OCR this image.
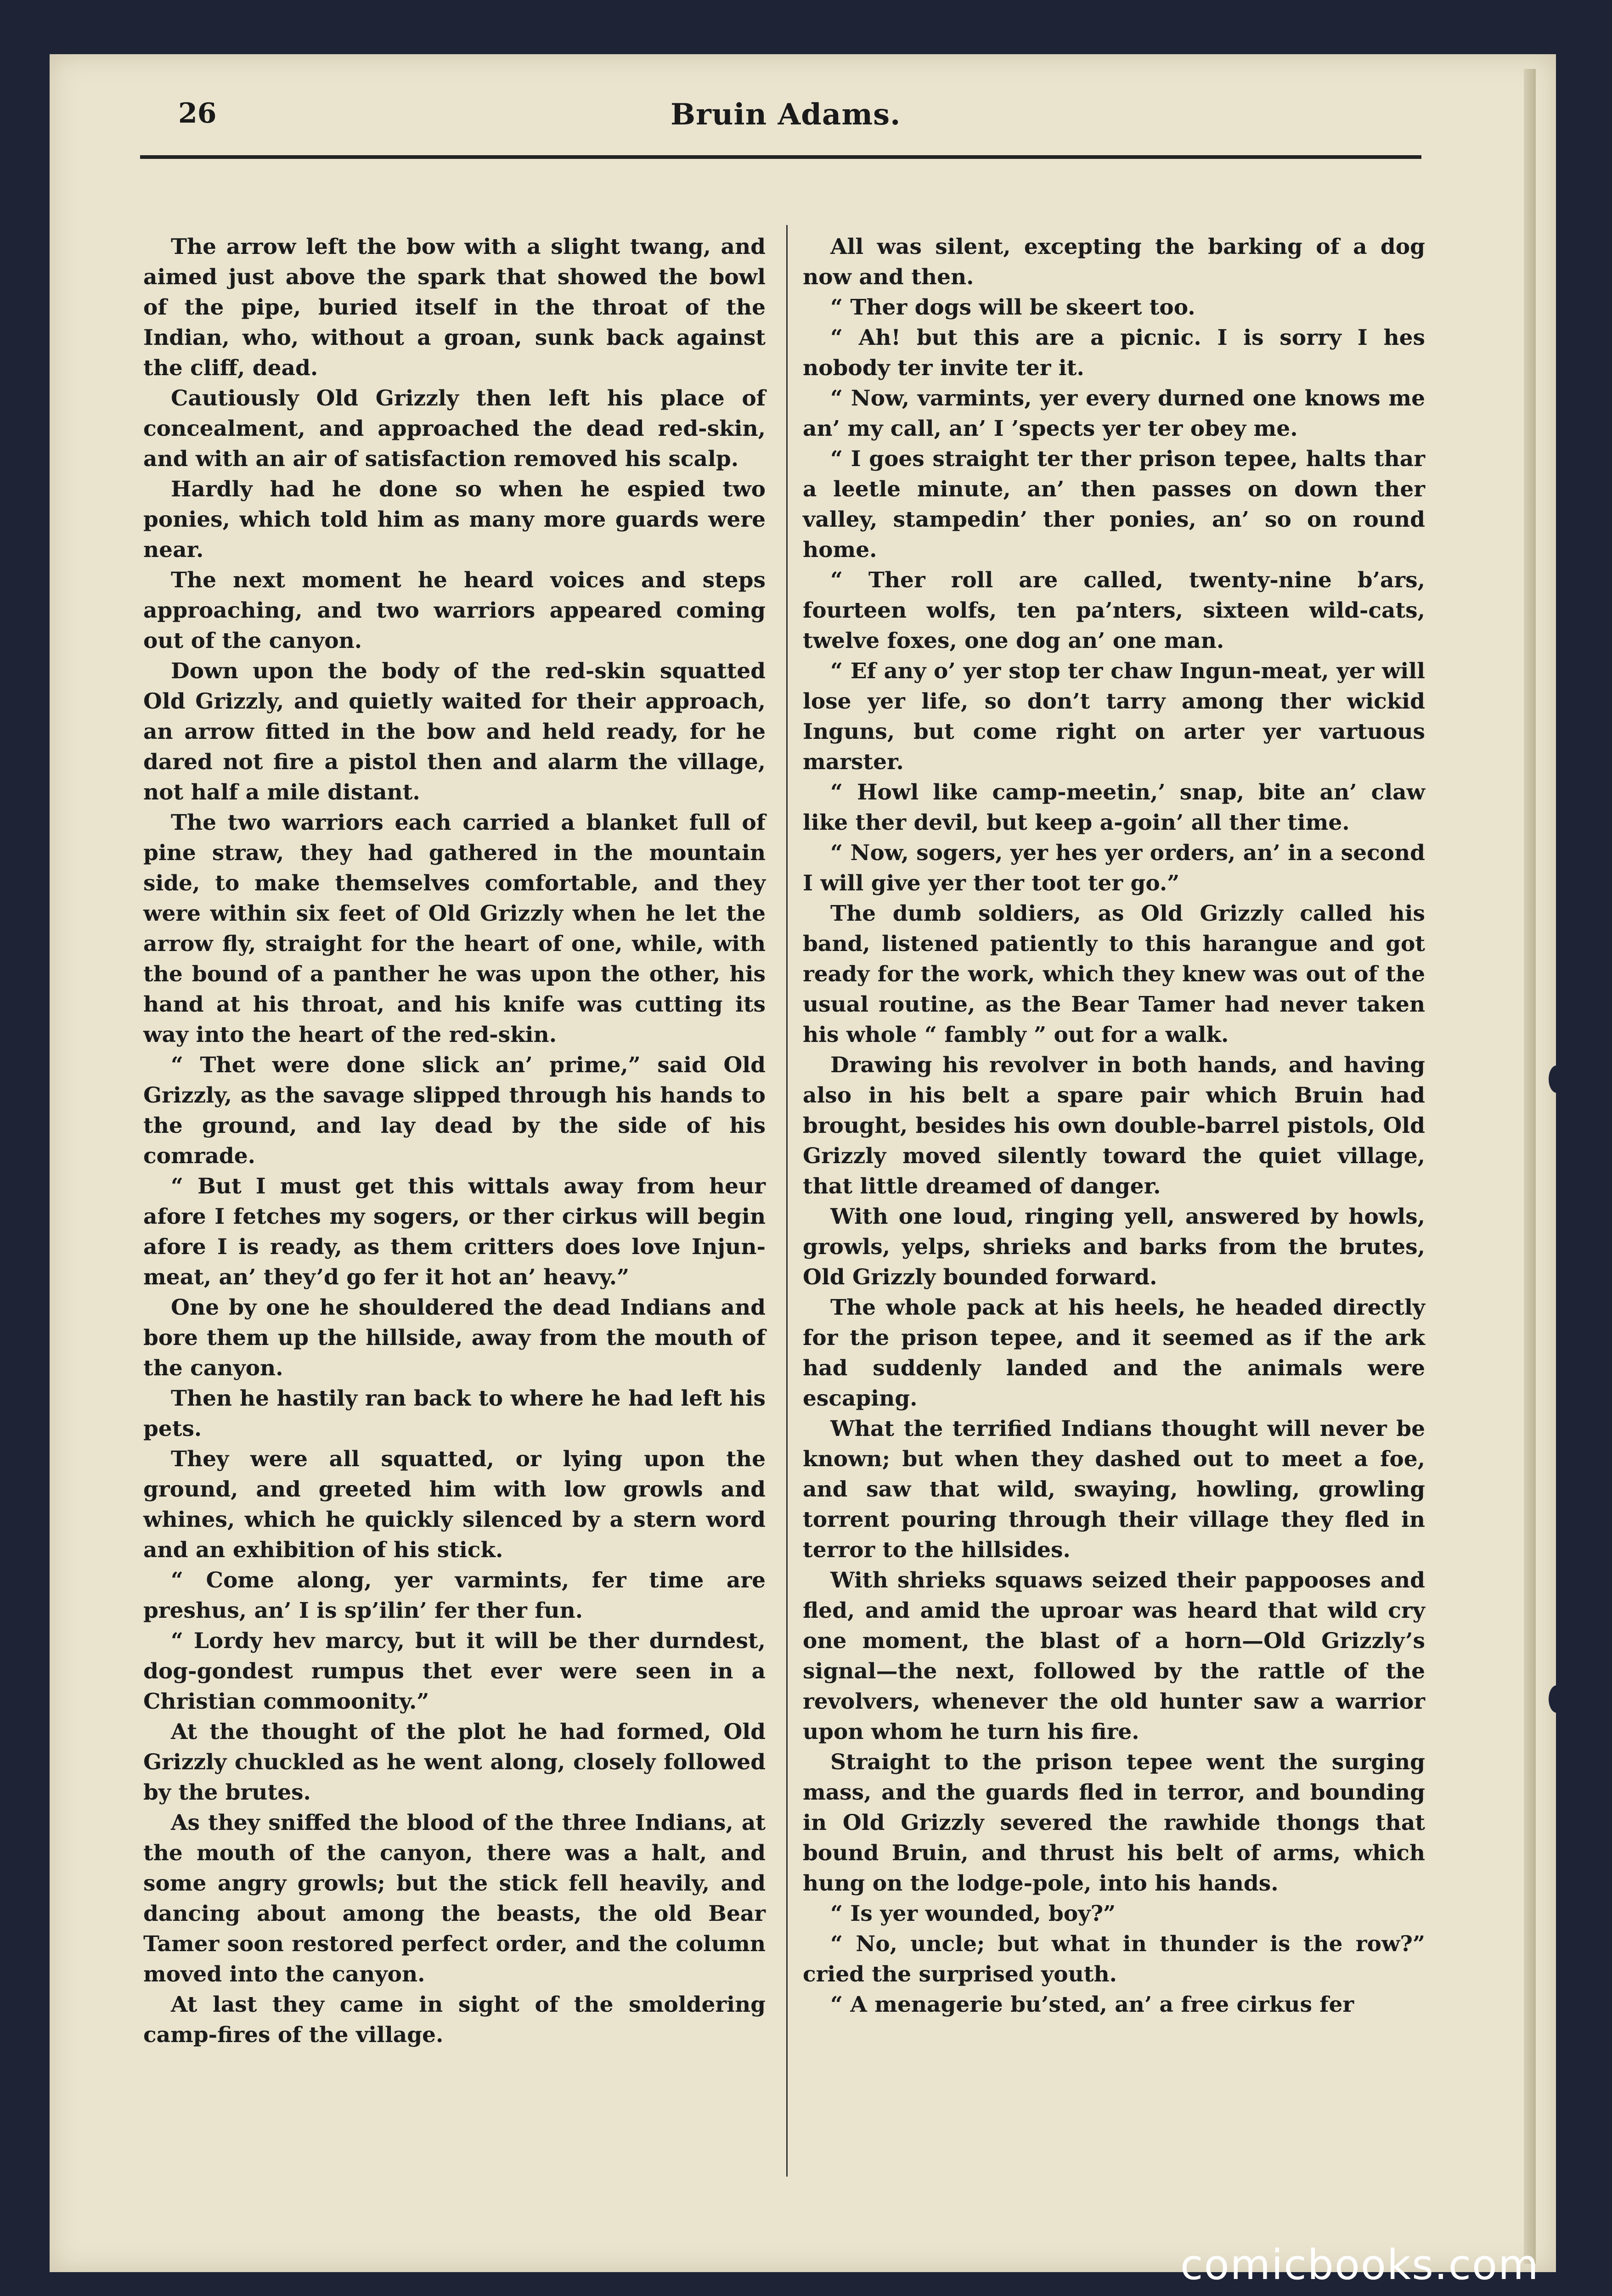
26	Bruin Adams.

The arrow left the bow with a slight twang, and aimed just above the spark that showed the bowl of the pipe, buried itself in the throat of the Indian, who, without a groan, sunk back against the cliff, dead.

Cautiously Old Grizzly then left his place of concealment, and approached the dead red-skin, and with an air of satisfaction removed his scalp.

Hardly had he done so when he espied two ponies, which told him as many more guards were near.

The next moment he heard voices and steps approaching, and two warriors appeared coming out of the canyon.

Down upon the body of the red-skin squatted Old Grizzly, and quietly waited for their approach, an arrow fitted in the bow and held ready, for he dared not fire a pistol then and alarm the village, not half a mile distant.

The two warriors each carried a blanket full of pine straw, they had gathered in the mountain side, to make themselves comfortable, and they were within six feet of Old Grizzly when he let the arrow fly, straight for the heart of one, while, with the bound of a panther he was upon the other, his hand at his throat, and his knife was cutting its way into the heart of the red-skin.

“ Thet were done slick an’ prime,” said Old Grizzly, as the savage slipped through his hands to the ground, and lay dead by the side of his comrade.

“ But I must get this wittals away from heur afore I fetches my sogers, or ther cirkus will begin afore I is ready, as them critters does love Injun-meat, an’ they’d go fer it hot an’ heavy.”

One by one he shouldered the dead Indians and bore them up the hillside, away from the mouth of the canyon.

Then he hastily ran back to where he had left his pets.

They were all squatted, or lying upon the ground, and greeted him with low growls and whines, which he quickly silenced by a stern word and an exhibition of his stick.

“ Come along, yer varmints, fer time are preshus, an’ I is sp’ilin’ fer ther fun.

“ Lordy hev marcy, but it will be ther durndest, dog-gondest rumpus thet ever were seen in a Christian commoonity.”

At the thought of the plot he had formed, Old Grizzly chuckled as he went along, closely followed by the brutes.

As they sniffed the blood of the three Indians, at the mouth of the canyon, there was a halt, and some angry growls; but the stick fell heavily, and dancing about among the beasts, the old Bear Tamer soon restored perfect order, and the column moved into the canyon.

At last they came in sight of the smoldering camp-fires of the village.

All was silent, excepting the barking of a dog now and then.

“ Ther dogs will be skeert too.

“ Ah! but this are a picnic. I is sorry I hes nobody ter invite ter it.

“ Now, varmints, yer every durned one knows me an’ my call, an’ I ’spects yer ter obey me.

“ I goes straight ter ther prison tepee, halts thar a leetle minute, an’ then passes on down ther valley, stampedin’ ther ponies, an’ so on round home.

“ Ther roll are called, twenty-nine b’ars, fourteen wolfs, ten pa’nters, sixteen wild-cats, twelve foxes, one dog an’ one man.

“ Ef any o’ yer stop ter chaw Ingun-meat, yer will lose yer life, so don’t tarry among ther wickid Inguns, but come right on arter yer vartuous marster.

“ Howl like camp-meetin,’ snap, bite an’ claw like ther devil, but keep a-goin’ all ther time.

“ Now, sogers, yer hes yer orders, an’ in a second I will give yer ther toot ter go.”

The dumb soldiers, as Old Grizzly called his band, listened patiently to this harangue and got ready for the work, which they knew was out of the usual routine, as the Bear Tamer had never taken his whole “ fambly ” out for a walk.

Drawing his revolver in both hands, and having also in his belt a spare pair which Bruin had brought, besides his own double-barrel pistols, Old Grizzly moved silently toward the quiet village, that little dreamed of danger.

With one loud, ringing yell, answered by howls, growls, yelps, shrieks and barks from the brutes, Old Grizzly bounded forward.

The whole pack at his heels, he headed directly for the prison tepee, and it seemed as if the ark had suddenly landed and the animals were escaping.

What the terrified Indians thought will never be known; but when they dashed out to meet a foe, and saw that wild, swaying, howling, growling torrent pouring through their village they fled in terror to the hillsides.

With shrieks squaws seized their pappooses and fled, and amid the uproar was heard that wild cry one moment, the blast of a horn—Old Grizzly’s signal—the next, followed by the rattle of the revolvers, whenever the old hunter saw a warrior upon whom he turn his fire.

Straight to the prison tepee went the surging mass, and the guards fled in terror, and bounding in Old Grizzly severed the rawhide thongs that bound Bruin, and thrust his belt of arms, which hung on the lodge-pole, into his hands.

“ Is yer wounded, boy?”

“ No, uncle; but what in thunder is the row?” cried the surprised youth.

“ A menagerie bu’sted, an’ a free cirkus fer

comicbooks.com
